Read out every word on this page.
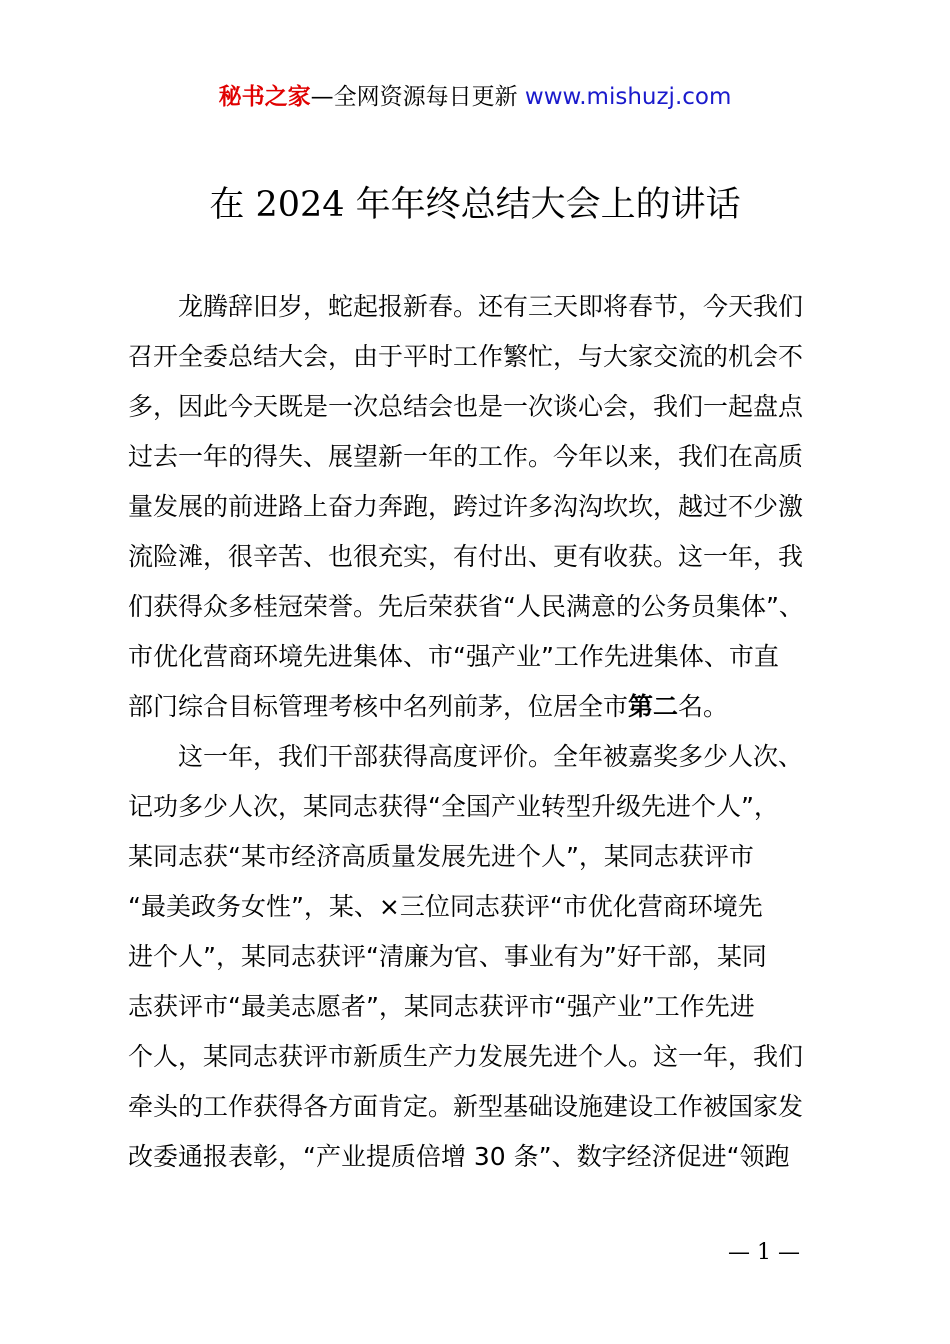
秘书之家—全网资源每日更新 www.mishuzj.com
在 2024 年年终总结大会上的讲话
龙腾辞旧岁，蛇起报新春。还有三天即将春节，今天我们
召开全委总结大会，由于平时工作繁忙，与大家交流的机会不
多，因此今天既是一次总结会也是一次谈心会，我们一起盘点
过去一年的得失、展望新一年的工作。今年以来，我们在高质
量发展的前进路上奋力奔跑，跨过许多沟沟坎坎，越过不少激
流险滩，很辛苦、也很充实，有付出、更有收获。这一年，我
们获得众多桂冠荣誉。先后荣获省“人民满意的公务员集体”、
市优化营商环境先进集体、市“强产业”工作先进集体、市直
部门综合目标管理考核中名列前茅，位居全市第二名。
这一年，我们干部获得高度评价。全年被嘉奖多少人次、
记功多少人次，某同志获得“全国产业转型升级先进个人”，
某同志获“某市经济高质量发展先进个人”，某同志获评市
“最美政务女性”，某、×三位同志获评“市优化营商环境先
进个人”，某同志获评“清廉为官、事业有为”好干部，某同
志获评市“最美志愿者”，某同志获评市“强产业”工作先进
个人，某同志获评市新质生产力发展先进个人。这一年，我们
牵头的工作获得各方面肯定。新型基础设施建设工作被国家发
改委通报表彰，“产业提质倍增 30 条”、数字经济促进“领跑
— 1 —
